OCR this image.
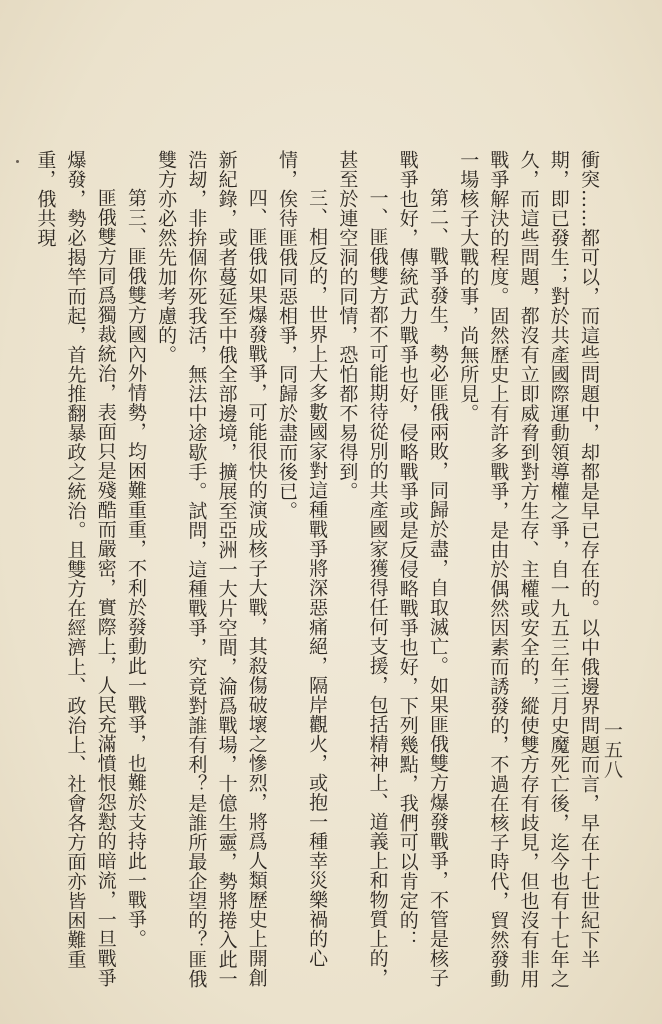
一五八

衝突……都可以，而這些問題中，却都是早已存在的。以中俄邊界問題而言，早在十七世紀下半期，即已發生；對於共產國際運動領導權之爭，自一九五三年三月史魔死亡後，迄今也有十七年之久，而這些問題，都沒有立即威脅到對方生存、主權或安全的，縱使雙方存有歧見，但也沒有非用戰爭解決的程度。固然歷史上有許多戰爭，是由於偶然因素而誘發的，不過在核子時代，貿然發動一場核子大戰的事，尚無所見。

第二、戰爭發生，勢必匪俄兩敗，同歸於盡，自取滅亡。如果匪俄雙方爆發戰爭，不管是核子戰爭也好，傳統武力戰爭也好，侵略戰爭或是反侵略戰爭也好，下列幾點，我們可以肯定的：

一、匪俄雙方都不可能期待從別的共產國家獲得任何支援，包括精神上、道義上和物質上的，甚至於連空洞的同情，恐怕都不易得到。

三、相反的，世界上大多數國家對這種戰爭將深惡痛絕，隔岸觀火，或抱一種幸災樂禍的心情，俟待匪俄同惡相爭，同歸於盡而後已。

四、匪俄如果爆發戰爭，可能很快的演成核子大戰，其殺傷破壞之慘烈，將爲人類歷史上開創新紀錄，或者蔓延至中俄全部邊境，擴展至亞洲一大片空間，淪爲戰場，十億生靈，勢將捲入此一浩刼，非拚個你死我活，無法中途歇手。試問，這種戰爭，究竟對誰有利？是誰所最企望的？匪俄雙方亦必然先加考慮的。

第三、匪俄雙方國內外情勢，均困難重重，不利於發動此一戰爭，也難於支持此一戰爭。

匪俄雙方同爲獨裁統治，表面只是殘酷而嚴密，實際上，人民充滿憤恨怨懟的暗流，一旦戰爭爆發，勢必揭竿而起，首先推翻暴政之統治。且雙方在經濟上、政治上、社會各方面亦皆困難重重，俄共現
